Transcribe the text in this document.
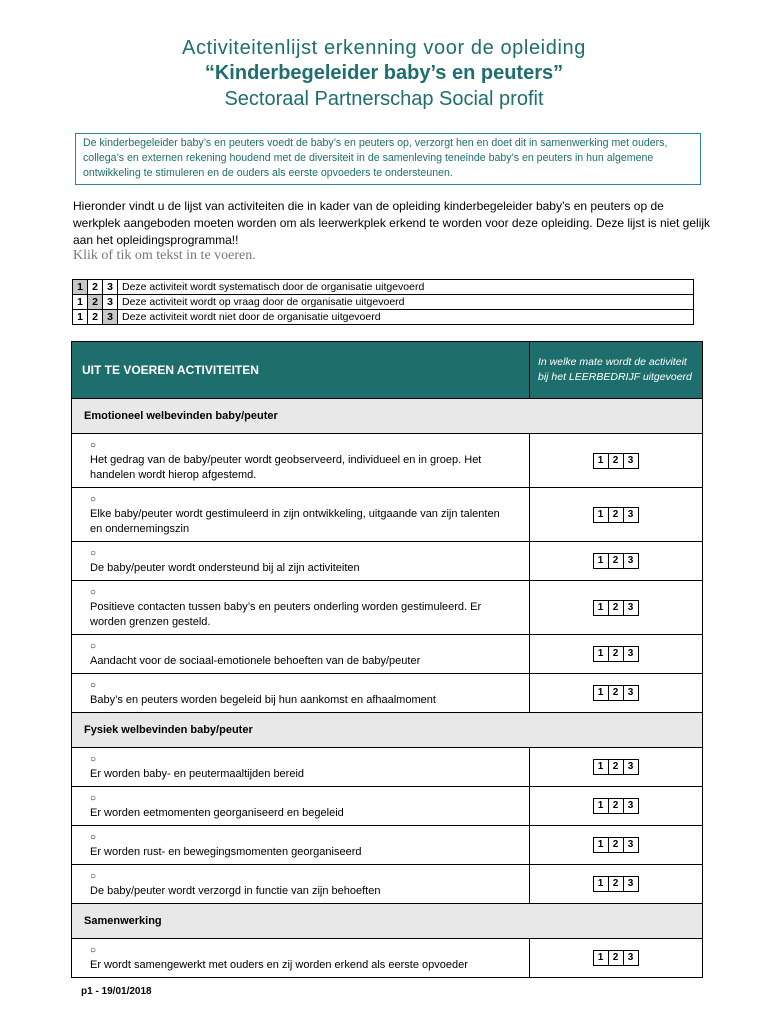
Activiteitenlijst erkenning voor de opleiding
“Kinderbegeleider baby’s en peuters”
Sectoraal Partnerschap Social profit
De kinderbegeleider baby’s en peuters voedt de baby’s en peuters op, verzorgt hen en doet dit in samenwerking met ouders, collega’s en externen rekening houdend met de diversiteit in de samenleving teneinde baby’s en peuters in hun algemene ontwikkeling te stimuleren en de ouders als eerste opvoeders te ondersteunen.
Hieronder vindt u de lijst van activiteiten die in kader van de opleiding kinderbegeleider baby’s en peuters op de werkplek aangeboden moeten worden om als leerwerkplek erkend te worden voor deze opleiding. Deze lijst is niet gelijk aan het opleidingsprogramma!!
Klik of tik om tekst in te voeren.
1	2	3	Deze activiteit wordt systematisch door de organisatie uitgevoerd
1	2	3	Deze activiteit wordt op vraag door de organisatie uitgevoerd
1	2	3	Deze activiteit wordt niet door de organisatie uitgevoerd
UIT TE VOEREN ACTIVITEITEN	In welke mate wordt de activiteit bij het LEERBEDRIJF uitgevoerd
Emotioneel welbevinden baby/peuter	
○Het gedrag van de baby/peuter wordt geobserveerd, individueel en in groep. Het handelen wordt hierop afgestemd.	1 2 3
○Elke baby/peuter wordt gestimuleerd in zijn ontwikkeling, uitgaande van zijn talenten en ondernemingszin	1 2 3
○De baby/peuter wordt ondersteund bij al zijn activiteiten	1 2 3
○Positieve contacten tussen baby’s en peuters onderling worden gestimuleerd. Er worden grenzen gesteld.	1 2 3
○Aandacht voor de sociaal-emotionele behoeften van de baby/peuter	1 2 3
○Baby’s en peuters worden begeleid bij hun aankomst en afhaalmoment	1 2 3
Fysiek welbevinden baby/peuter	
○Er worden baby- en peutermaaltijden bereid	1 2 3
○Er worden eetmomenten georganiseerd en begeleid	1 2 3
○Er worden rust- en bewegingsmomenten georganiseerd	1 2 3
○De baby/peuter wordt verzorgd in functie van zijn behoeften	1 2 3
Samenwerking	
○Er wordt samengewerkt met ouders en zij worden erkend als eerste opvoeder	1 2 3
p1 - 19/01/2018
